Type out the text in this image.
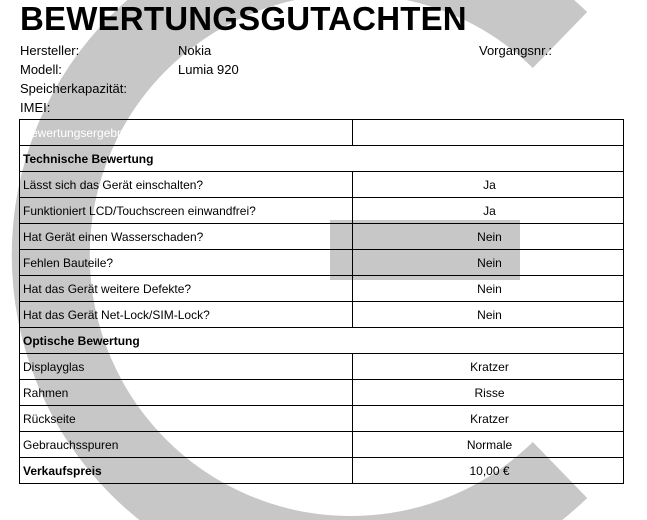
BEWERTUNGSGUTACHTEN
Hersteller:	Nokia
Modell:	Lumia 920
Speicherkapazität:
IMEI:
Vorgangsnr.:
Bewertungsergebnisse	Bewertung Teqcycle
Technische Bewertung	
Lässt sich das Gerät einschalten?	Ja
Funktioniert LCD/Touchscreen einwandfrei?	Ja
Hat Gerät einen Wasserschaden?	Nein
Fehlen Bauteile?	Nein
Hat das Gerät weitere Defekte?	Nein
Hat das Gerät Net-Lock/SIM-Lock?	Nein
Optische Bewertung	
Displayglas	Kratzer
Rahmen	Risse
Rückseite	Kratzer
Gebrauchsspuren	Normale
Verkaufspreis	10,00 €
